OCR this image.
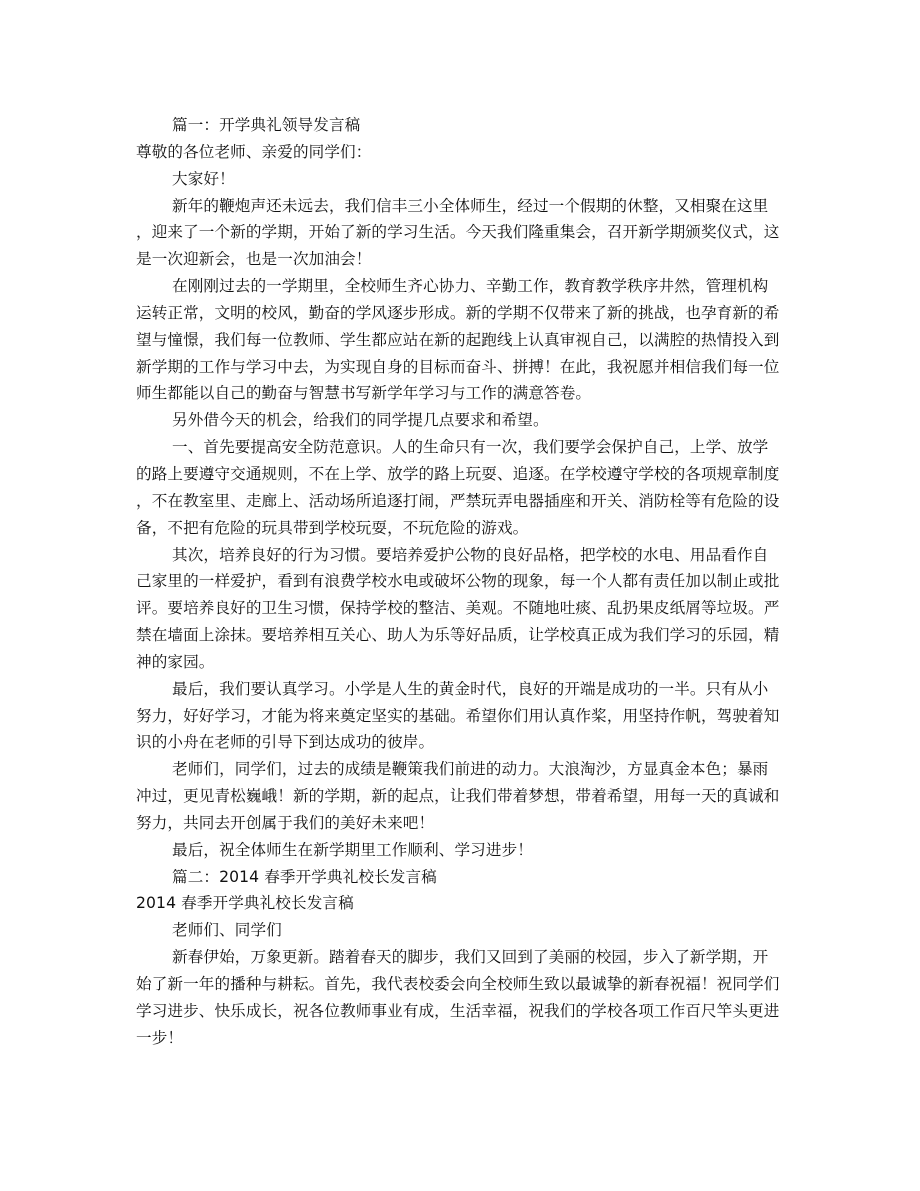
篇一：开学典礼领导发言稿
尊敬的各位老师、亲爱的同学们：
大家好！
新年的鞭炮声还未远去，我们信丰三小全体师生，经过一个假期的休整，又相聚在这里
，迎来了一个新的学期，开始了新的学习生活。今天我们隆重集会，召开新学期颁奖仪式，这
是一次迎新会，也是一次加油会！
在刚刚过去的一学期里，全校师生齐心协力、辛勤工作，教育教学秩序井然，管理机构
运转正常，文明的校风，勤奋的学风逐步形成。新的学期不仅带来了新的挑战，也孕育新的希
望与憧憬，我们每一位教师、学生都应站在新的起跑线上认真审视自己，以满腔的热情投入到
新学期的工作与学习中去，为实现自身的目标而奋斗、拼搏！在此，我祝愿并相信我们每一位
师生都能以自己的勤奋与智慧书写新学年学习与工作的满意答卷。
另外借今天的机会，给我们的同学提几点要求和希望。
一、首先要提高安全防范意识。人的生命只有一次，我们要学会保护自己，上学、放学
的路上要遵守交通规则，不在上学、放学的路上玩耍、追逐。在学校遵守学校的各项规章制度
，不在教室里、走廊上、活动场所追逐打闹，严禁玩弄电器插座和开关、消防栓等有危险的设
备，不把有危险的玩具带到学校玩耍，不玩危险的游戏。
其次，培养良好的行为习惯。要培养爱护公物的良好品格，把学校的水电、用品看作自
己家里的一样爱护，看到有浪费学校水电或破坏公物的现象，每一个人都有责任加以制止或批
评。要培养良好的卫生习惯，保持学校的整洁、美观。不随地吐痰、乱扔果皮纸屑等垃圾。严
禁在墙面上涂抹。要培养相互关心、助人为乐等好品质，让学校真正成为我们学习的乐园，精
神的家园。
最后，我们要认真学习。小学是人生的黄金时代，良好的开端是成功的一半。只有从小
努力，好好学习，才能为将来奠定坚实的基础。希望你们用认真作桨，用坚持作帆，驾驶着知
识的小舟在老师的引导下到达成功的彼岸。
老师们，同学们，过去的成绩是鞭策我们前进的动力。大浪淘沙，方显真金本色；暴雨
冲过，更见青松巍峨！新的学期，新的起点，让我们带着梦想，带着希望，用每一天的真诚和
努力，共同去开创属于我们的美好未来吧！
最后，祝全体师生在新学期里工作顺利、学习进步！
篇二：2014 春季开学典礼校长发言稿
2014 春季开学典礼校长发言稿
老师们、同学们
新春伊始，万象更新。踏着春天的脚步，我们又回到了美丽的校园，步入了新学期，开
始了新一年的播种与耕耘。首先，我代表校委会向全校师生致以最诚挚的新春祝福！祝同学们
学习进步、快乐成长，祝各位教师事业有成，生活幸福，祝我们的学校各项工作百尺竿头更进
一步！
